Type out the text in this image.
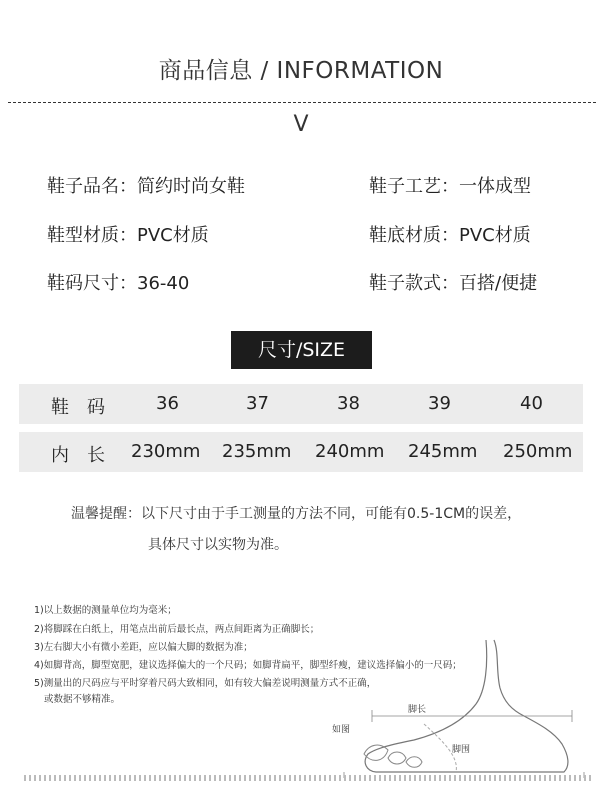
商品信息 / INFORMATION
V
鞋子品名：简约时尚女鞋	鞋子工艺：一体成型
鞋型材质：PVC材质	鞋底材质：PVC材质
鞋码尺寸：36-40	鞋子款式：百搭/便捷
尺寸/SIZE
鞋　码	36	37	38	39	40
内　长 230mm 235mm 240mm 245mm 250mm
温馨提醒：以下尺寸由于手工测量的方法不同，可能有0.5-1CM的误差，
具体尺寸以实物为准。
1)以上数据的测量单位均为毫米；
2)将脚踩在白纸上，用笔点出前后最长点，两点间距离为正确脚长；
3)左右脚大小有微小差距，应以偏大脚的数据为准；
4)如脚背高，脚型宽肥，建议选择偏大的一个尺码；如脚背扁平，脚型纤瘦，建议选择偏小的一尺码；
5)测量出的尺码应与平时穿着尺码大致相同，如有较大偏差说明测量方式不正确，
或数据不够精准。
脚长
脚围
如图
